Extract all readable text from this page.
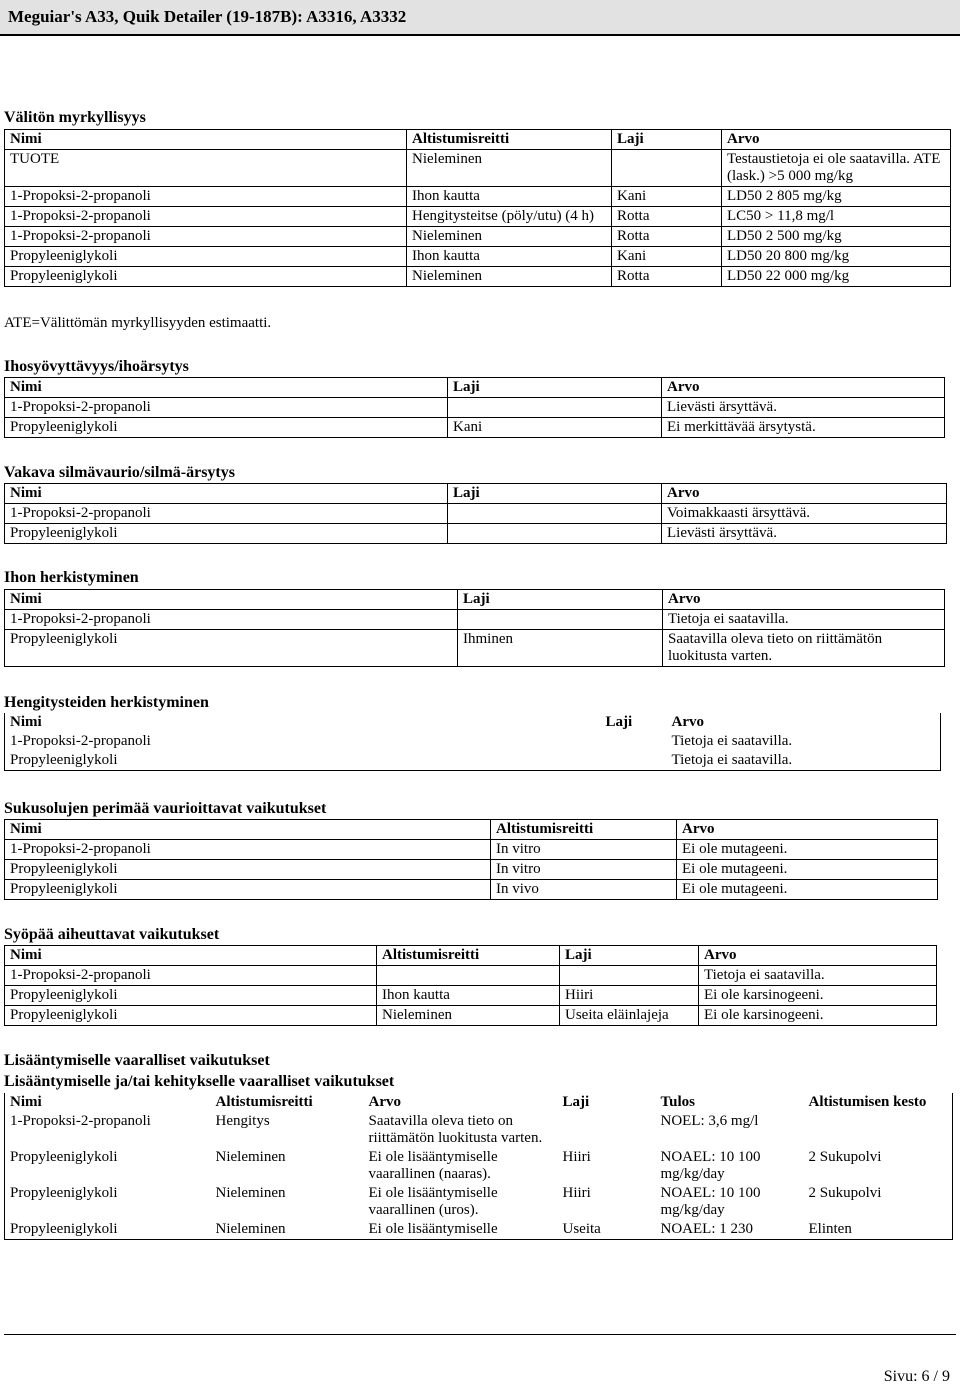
Meguiar's A33, Quik Detailer (19-187B): A3316, A3332
Välitön myrkyllisyys
Nimi	Altistumisreitti	Laji	Arvo
TUOTE	Nieleminen		Testaustietoja ei ole saatavilla. ATE (lask.) >5 000 mg/kg
1-Propoksi-2-propanoli	Ihon kautta	Kani	LD50 2 805 mg/kg
1-Propoksi-2-propanoli	Hengitysteitse (pöly/utu) (4 h)	Rotta	LC50 > 11,8 mg/l
1-Propoksi-2-propanoli	Nieleminen	Rotta	LD50 2 500 mg/kg
Propyleeniglykoli	Ihon kautta	Kani	LD50 20 800 mg/kg
Propyleeniglykoli	Nieleminen	Rotta	LD50 22 000 mg/kg
ATE=Välittömän myrkyllisyyden estimaatti.
Ihosyövyttävyys/ihoärsytys
Nimi	Laji	Arvo
1-Propoksi-2-propanoli		Lievästi ärsyttävä.
Propyleeniglykoli	Kani	Ei merkittävää ärsytystä.
Vakava silmävaurio/silmä-ärsytys
Nimi	Laji	Arvo
1-Propoksi-2-propanoli		Voimakkaasti ärsyttävä.
Propyleeniglykoli		Lievästi ärsyttävä.
Ihon herkistyminen
Nimi	Laji	Arvo
1-Propoksi-2-propanoli		Tietoja ei saatavilla.
Propyleeniglykoli	Ihminen	Saatavilla oleva tieto on riittämätön luokitusta varten.
Hengitysteiden herkistyminen
Nimi	Laji	Arvo
1-Propoksi-2-propanoli		Tietoja ei saatavilla.
Propyleeniglykoli		Tietoja ei saatavilla.
Sukusolujen perimää vaurioittavat vaikutukset
Nimi	Altistumisreitti	Arvo
1-Propoksi-2-propanoli	In vitro	Ei ole mutageeni.
Propyleeniglykoli	In vitro	Ei ole mutageeni.
Propyleeniglykoli	In vivo	Ei ole mutageeni.
Syöpää aiheuttavat vaikutukset
Nimi	Altistumisreitti	Laji	Arvo
1-Propoksi-2-propanoli			Tietoja ei saatavilla.
Propyleeniglykoli	Ihon kautta	Hiiri	Ei ole karsinogeeni.
Propyleeniglykoli	Nieleminen	Useita eläinlajeja	Ei ole karsinogeeni.
Lisääntymiselle vaaralliset vaikutukset
Lisääntymiselle ja/tai kehitykselle vaaralliset vaikutukset
Nimi	Altistumisreitti	Arvo	Laji	Tulos	Altistumisen kesto
1-Propoksi-2-propanoli	Hengitys	Saatavilla oleva tieto on riittämätön luokitusta varten.		NOEL: 3,6 mg/l	
Propyleeniglykoli	Nieleminen	Ei ole lisääntymiselle vaarallinen (naaras).	Hiiri	NOAEL: 10 100 mg/kg/day	2 Sukupolvi
Propyleeniglykoli	Nieleminen	Ei ole lisääntymiselle vaarallinen (uros).	Hiiri	NOAEL: 10 100 mg/kg/day	2 Sukupolvi
Propyleeniglykoli	Nieleminen	Ei ole lisääntymiselle	Useita	NOAEL: 1 230	Elinten
Sivu: 6 / 9
